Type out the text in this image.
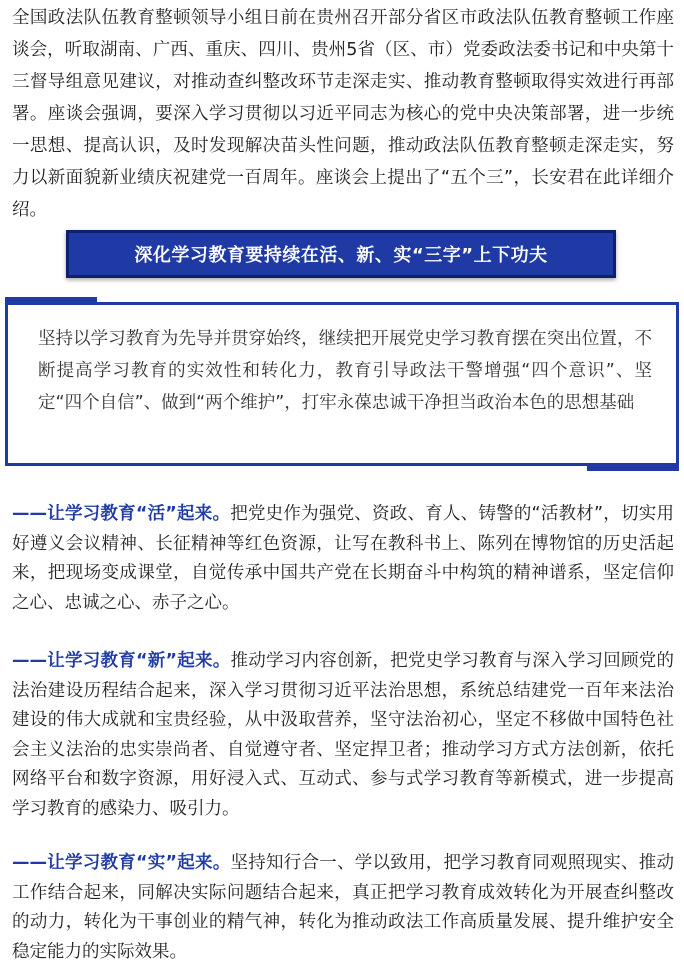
全国政法队伍教育整顿领导小组日前在贵州召开部分省区市政法队伍教育整顿工作座谈会，听取湖南、广西、重庆、四川、贵州5省（区、市）党委政法委书记和中央第十三督导组意见建议，对推动查纠整改环节走深走实、推动教育整顿取得实效进行再部署。座谈会强调，要深入学习贯彻以习近平同志为核心的党中央决策部署，进一步统一思想、提高认识，及时发现解决苗头性问题，推动政法队伍教育整顿走深走实，努力以新面貌新业绩庆祝建党一百周年。座谈会上提出了“五个三”，长安君在此详细介绍。

深化学习教育要持续在活、新、实“三字”上下功夫

坚持以学习教育为先导并贯穿始终，继续把开展党史学习教育摆在突出位置，不断提高学习教育的实效性和转化力，教育引导政法干警增强“四个意识”、坚定“四个自信”、做到“两个维护”，打牢永葆忠诚干净担当政治本色的思想基础

——让学习教育“活”起来。把党史作为强党、资政、育人、铸警的“活教材”，切实用好遵义会议精神、长征精神等红色资源，让写在教科书上、陈列在博物馆的历史活起来，把现场变成课堂，自觉传承中国共产党在长期奋斗中构筑的精神谱系，坚定信仰之心、忠诚之心、赤子之心。

——让学习教育“新”起来。推动学习内容创新，把党史学习教育与深入学习回顾党的法治建设历程结合起来，深入学习贯彻习近平法治思想，系统总结建党一百年来法治建设的伟大成就和宝贵经验，从中汲取营养，坚守法治初心，坚定不移做中国特色社会主义法治的忠实崇尚者、自觉遵守者、坚定捍卫者；推动学习方式方法创新，依托网络平台和数字资源，用好浸入式、互动式、参与式学习教育等新模式，进一步提高学习教育的感染力、吸引力。

——让学习教育“实”起来。坚持知行合一、学以致用，把学习教育同观照现实、推动工作结合起来，同解决实际问题结合起来，真正把学习教育成效转化为开展查纠整改的动力，转化为干事创业的精气神，转化为推动政法工作高质量发展、提升维护安全稳定能力的实际效果。
